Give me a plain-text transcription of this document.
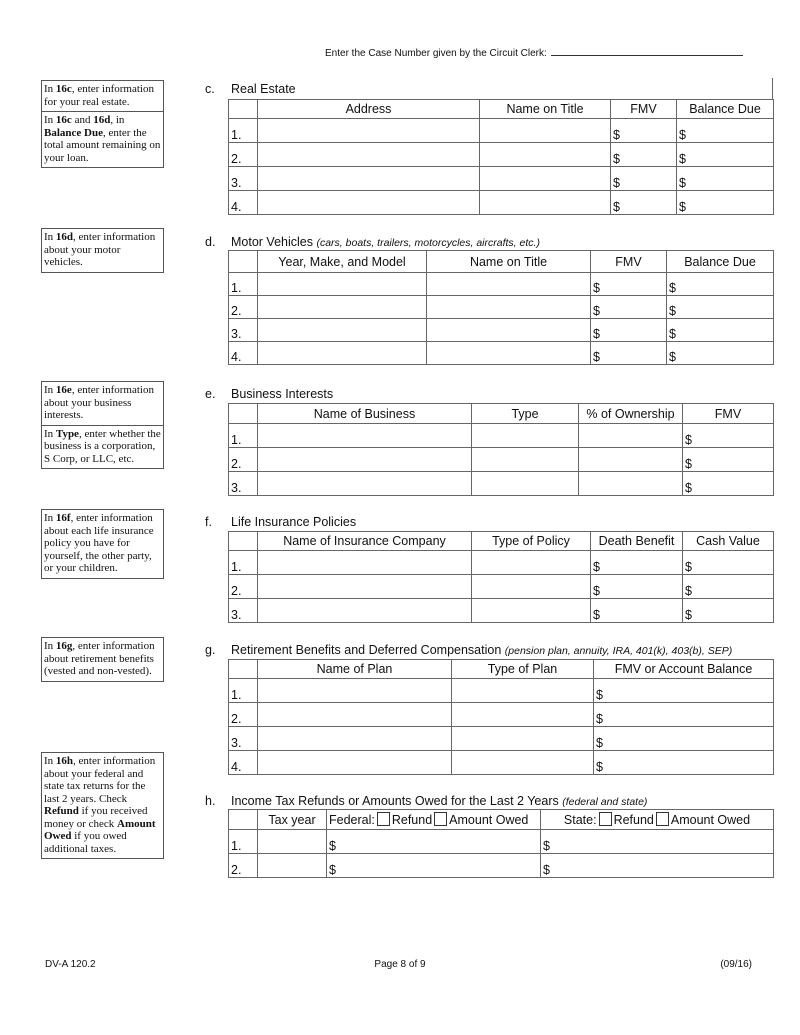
Enter the Case Number given by the Circuit Clerk:
In 16c, enter information for your real estate.
In 16c and 16d, in Balance Due, enter the total amount remaining on your loan.
In 16d, enter information about your motor vehicles.
In 16e, enter information about your business interests.
In Type, enter whether the business is a corporation, S Corp, or LLC, etc.
In 16f, enter information about each life insurance policy you have for yourself, the other party, or your children.
In 16g, enter information about retirement benefits (vested and non-vested).
In 16h, enter information about your federal and state tax returns for the last 2 years. Check Refund if you received money or check Amount Owed if you owed additional taxes.
c. Real Estate
	Address	Name on Title	FMV	Balance Due
1.			$	$
2.			$	$
3.			$	$
4.			$	$
d. Motor Vehicles (cars, boats, trailers, motorcycles, aircrafts, etc.)
	Year, Make, and Model	Name on Title	FMV	Balance Due
1.			$	$
2.			$	$
3.			$	$
4.			$	$
e. Business Interests
	Name of Business	Type	% of Ownership	FMV
1.				$
2.				$
3.				$
f. Life Insurance Policies
	Name of Insurance Company	Type of Policy	Death Benefit	Cash Value
1.			$	$
2.			$	$
3.			$	$
g. Retirement Benefits and Deferred Compensation (pension plan, annuity, IRA, 401(k), 403(b), SEP)
	Name of Plan	Type of Plan	FMV or Account Balance
1.			$
2.			$
3.			$
4.			$
h. Income Tax Refunds or Amounts Owed for the Last 2 Years (federal and state)
	Tax year	Federal: Refund Amount Owed	State: Refund Amount Owed
1.		$	$
2.		$	$
DV-A 120.2	Page 8 of 9	(09/16)
